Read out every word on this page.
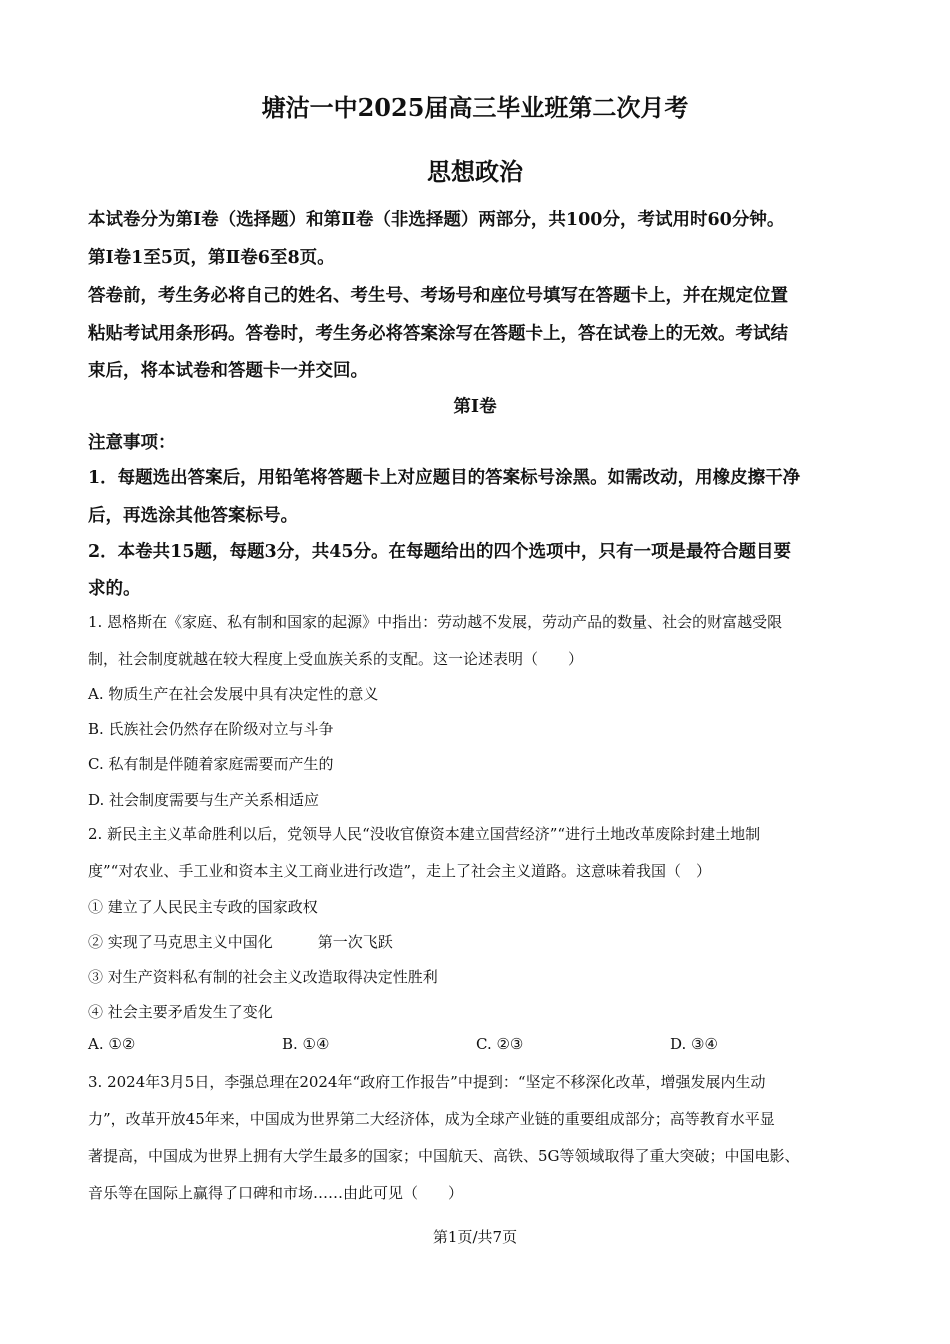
塘沽一中2025届高三毕业班第二次月考
思想政治
本试卷分为第Ⅰ卷（选择题）和第Ⅱ卷（非选择题）两部分，共100分，考试用时60分钟。
第Ⅰ卷1至5页，第Ⅱ卷6至8页。
答卷前，考生务必将自己的姓名、考生号、考场号和座位号填写在答题卡上，并在规定位置
粘贴考试用条形码。答卷时，考生务必将答案涂写在答题卡上，答在试卷上的无效。考试结
束后，将本试卷和答题卡一并交回。
第Ⅰ卷
注意事项：
1．每题选出答案后，用铅笔将答题卡上对应题目的答案标号涂黑。如需改动，用橡皮擦干净
后，再选涂其他答案标号。
2．本卷共15题，每题3分，共45分。在每题给出的四个选项中，只有一项是最符合题目要
求的。
1. 恩格斯在《家庭、私有制和国家的起源》中指出：劳动越不发展，劳动产品的数量、社会的财富越受限
制，社会制度就越在较大程度上受血族关系的支配。这一论述表明（　　）
A. 物质生产在社会发展中具有决定性的意义
B. 氏族社会仍然存在阶级对立与斗争
C. 私有制是伴随着家庭需要而产生的
D. 社会制度需要与生产关系相适应
2. 新民主主义革命胜利以后，党领导人民“没收官僚资本建立国营经济”“进行土地改革废除封建土地制
度”“对农业、手工业和资本主义工商业进行改造”，走上了社会主义道路。这意味着我国（　）
① 建立了人民民主专政的国家政权
② 实现了马克思主义中国化　　　第一次飞跃
③ 对生产资料私有制的社会主义改造取得决定性胜利
④ 社会主要矛盾发生了变化
A. ①②	B. ①④	C. ②③	D. ③④
3. 2024年3月5日，李强总理在2024年“政府工作报告”中提到：“坚定不移深化改革，增强发展内生动
力”，改革开放45年来，中国成为世界第二大经济体，成为全球产业链的重要组成部分；高等教育水平显
著提高，中国成为世界上拥有大学生最多的国家；中国航天、高铁、5G等领域取得了重大突破；中国电影、
音乐等在国际上赢得了口碑和市场……由此可见（　　）
第1页/共7页
